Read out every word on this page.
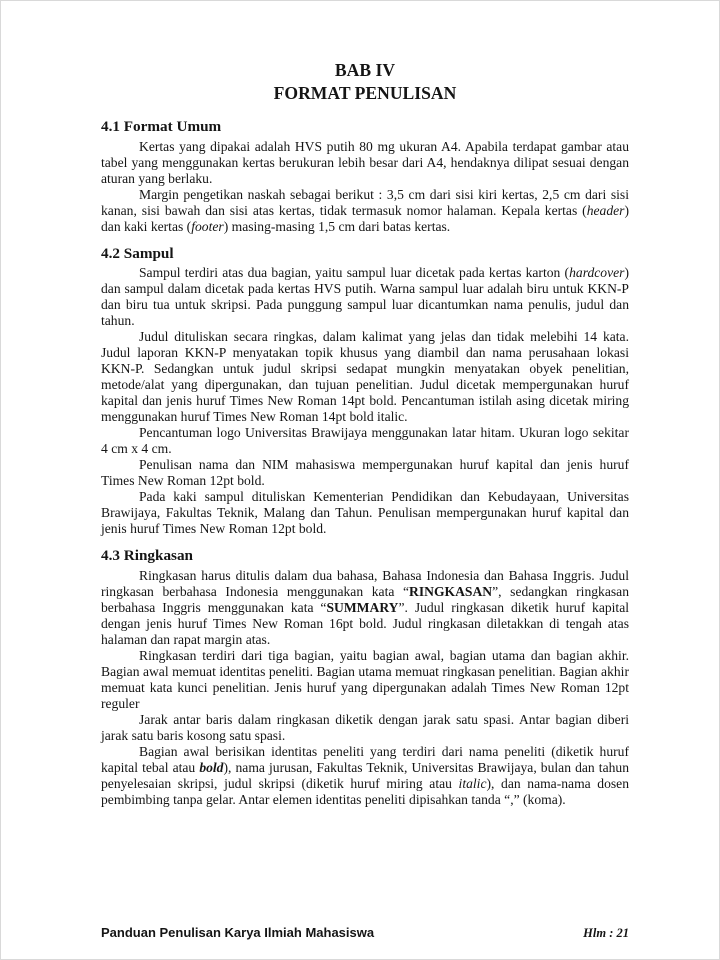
BAB IV
FORMAT PENULISAN
4.1 Format Umum

Kertas yang dipakai adalah HVS putih 80 mg ukuran A4. Apabila terdapat gambar atau tabel yang menggunakan kertas berukuran lebih besar dari A4, hendaknya dilipat sesuai dengan aturan yang berlaku.

Margin pengetikan naskah sebagai berikut : 3,5 cm dari sisi kiri kertas, 2,5 cm dari sisi kanan, sisi bawah dan sisi atas kertas, tidak termasuk nomor halaman. Kepala kertas (header) dan kaki kertas (footer) masing-masing 1,5 cm dari batas kertas.

4.2 Sampul

Sampul terdiri atas dua bagian, yaitu sampul luar dicetak pada kertas karton (hardcover) dan sampul dalam dicetak pada kertas HVS putih. Warna sampul luar adalah biru untuk KKN-P dan biru tua untuk skripsi. Pada punggung sampul luar dicantumkan nama penulis, judul dan tahun.

Judul dituliskan secara ringkas, dalam kalimat yang jelas dan tidak melebihi 14 kata. Judul laporan KKN-P menyatakan topik khusus yang diambil dan nama perusahaan lokasi KKN-P. Sedangkan untuk judul skripsi sedapat mungkin menyatakan obyek penelitian, metode/alat yang dipergunakan, dan tujuan penelitian. Judul dicetak mempergunakan huruf kapital dan jenis huruf Times New Roman 14pt bold. Pencantuman istilah asing dicetak miring menggunakan huruf Times New Roman 14pt bold italic.

Pencantuman logo Universitas Brawijaya menggunakan latar hitam. Ukuran logo sekitar 4 cm x 4 cm.

Penulisan nama dan NIM mahasiswa mempergunakan huruf kapital dan jenis huruf Times New Roman 12pt bold.

Pada kaki sampul dituliskan Kementerian Pendidikan dan Kebudayaan, Universitas Brawijaya, Fakultas Teknik, Malang dan Tahun. Penulisan mempergunakan huruf kapital dan jenis huruf Times New Roman 12pt bold.

4.3 Ringkasan

Ringkasan harus ditulis dalam dua bahasa, Bahasa Indonesia dan Bahasa Inggris. Judul ringkasan berbahasa Indonesia menggunakan kata “RINGKASAN”, sedangkan ringkasan berbahasa Inggris menggunakan kata “SUMMARY”. Judul ringkasan diketik huruf kapital dengan jenis huruf Times New Roman 16pt bold. Judul ringkasan diletakkan di tengah atas halaman dan rapat margin atas.

Ringkasan terdiri dari tiga bagian, yaitu bagian awal, bagian utama dan bagian akhir. Bagian awal memuat identitas peneliti. Bagian utama memuat ringkasan penelitian. Bagian akhir memuat kata kunci penelitian. Jenis huruf yang dipergunakan adalah Times New Roman 12pt reguler

Jarak antar baris dalam ringkasan diketik dengan jarak satu spasi. Antar bagian diberi jarak satu baris kosong satu spasi.

Bagian awal berisikan identitas peneliti yang terdiri dari nama peneliti (diketik huruf kapital tebal atau bold), nama jurusan, Fakultas Teknik, Universitas Brawijaya, bulan dan tahun penyelesaian skripsi, judul skripsi (diketik huruf miring atau italic), dan nama-nama dosen pembimbing tanpa gelar. Antar elemen identitas peneliti dipisahkan tanda “,” (koma).

Panduan Penulisan Karya Ilmiah Mahasiswa	Hlm : 21
